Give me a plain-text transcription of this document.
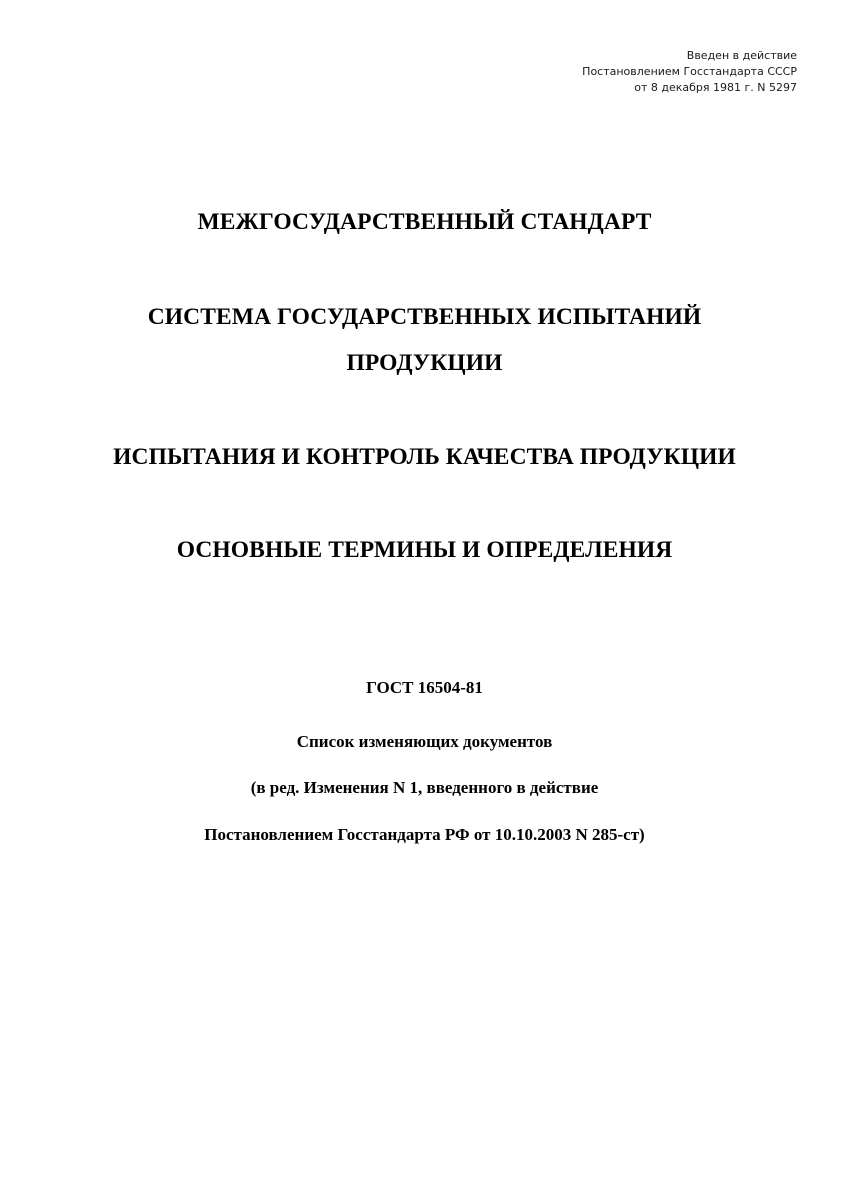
Введен в действие
Постановлением Госстандарта СССР
от 8 декабря 1981 г. N 5297
МЕЖГОСУДАРСТВЕННЫЙ СТАНДАРТ
СИСТЕМА ГОСУДАРСТВЕННЫХ ИСПЫТАНИЙ
ПРОДУКЦИИ
ИСПЫТАНИЯ И КОНТРОЛЬ КАЧЕСТВА ПРОДУКЦИИ
ОСНОВНЫЕ ТЕРМИНЫ И ОПРЕДЕЛЕНИЯ
ГОСТ 16504-81
Список изменяющих документов
(в ред. Изменения N 1, введенного в действие
Постановлением Госстандарта РФ от 10.10.2003 N 285-ст)
